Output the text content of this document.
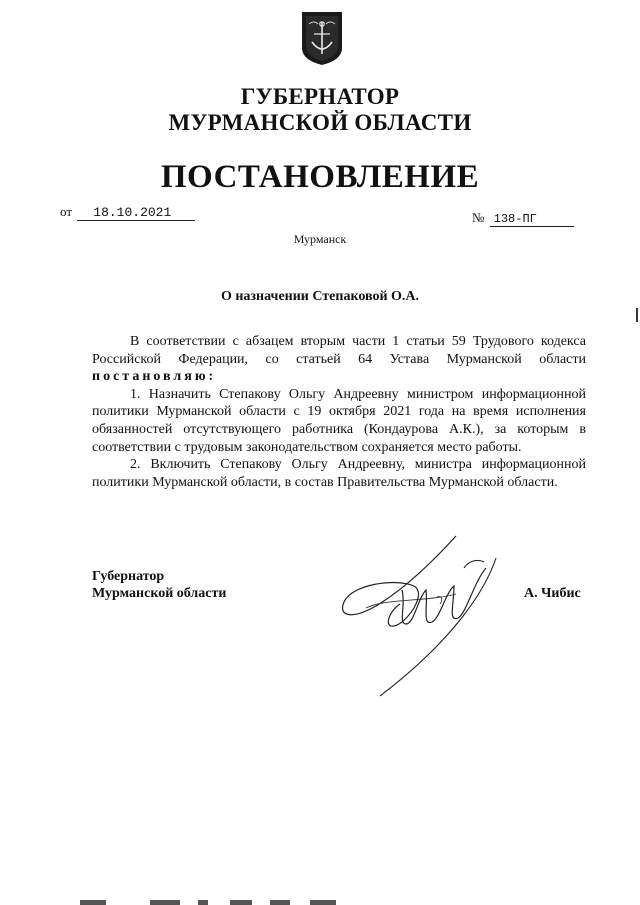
ГУБЕРНАТОР
МУРМАНСКОЙ ОБЛАСТИ
ПОСТАНОВЛЕНИЕ
от 18.10.2021	№ 138-ПГ
Мурманск
О назначении Степаковой О.А.

В соответствии с абзацем вторым части 1 статьи 59 Трудового кодекса Российской Федерации, со статьей 64 Устава Мурманской области постановляю:

1. Назначить Степакову Ольгу Андреевну министром информационной политики Мурманской области с 19 октября 2021 года на время исполнения обязанностей отсутствующего работника (Кондаурова А.К.), за которым в соответствии с трудовым законодательством сохраняется место работы.

2. Включить Степакову Ольгу Андреевну, министра информационной политики Мурманской области, в состав Правительства Мурманской области.

Губернатор
Мурманской области	А. Чибис
